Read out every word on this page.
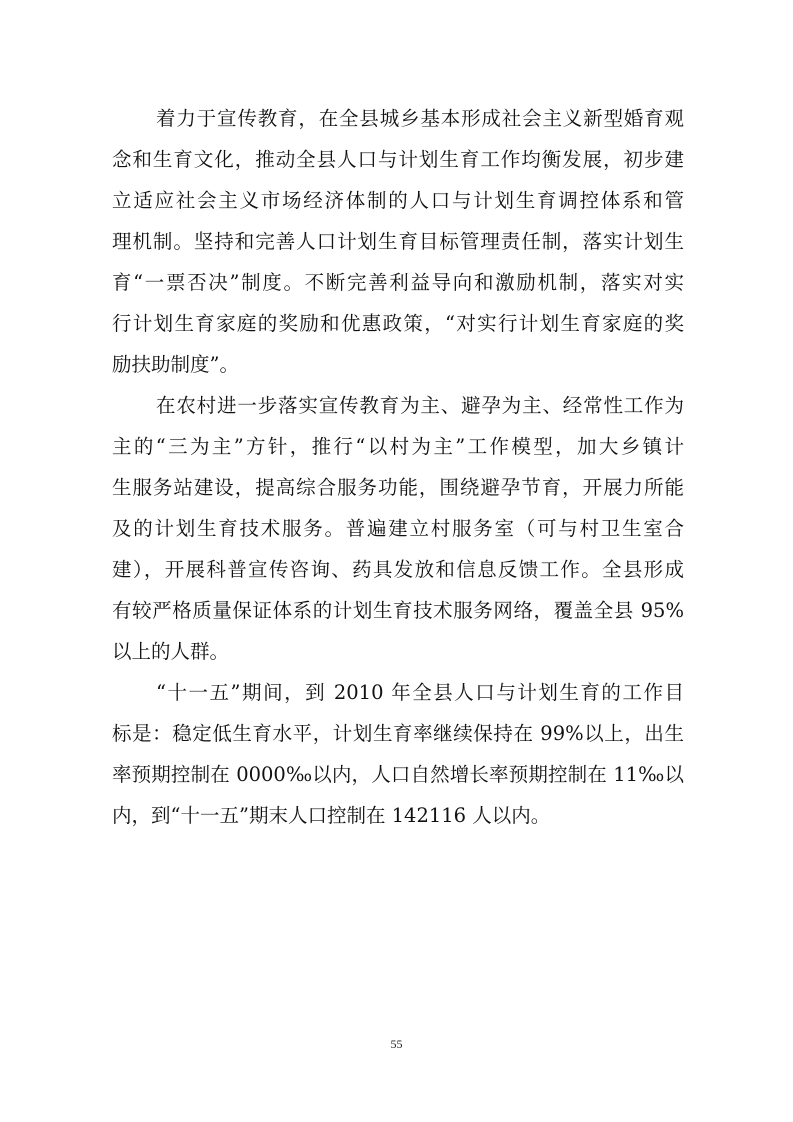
着力于宣传教育，在全县城乡基本形成社会主义新型婚育观
念和生育文化，推动全县人口与计划生育工作均衡发展，初步建
立适应社会主义市场经济体制的人口与计划生育调控体系和管
理机制。坚持和完善人口计划生育目标管理责任制，落实计划生
育“一票否决”制度。不断完善利益导向和激励机制，落实对实
行计划生育家庭的奖励和优惠政策，“对实行计划生育家庭的奖
励扶助制度”。
在农村进一步落实宣传教育为主、避孕为主、经常性工作为
主的“三为主”方针，推行“以村为主”工作模型，加大乡镇计
生服务站建设，提高综合服务功能，围绕避孕节育，开展力所能
及的计划生育技术服务。普遍建立村服务室（可与村卫生室合
建），开展科普宣传咨询、药具发放和信息反馈工作。全县形成
有较严格质量保证体系的计划生育技术服务网络，覆盖全县 95%
以上的人群。
“十一五”期间，到 2010 年全县人口与计划生育的工作目
标是：稳定低生育水平，计划生育率继续保持在 99%以上，出生
率预期控制在 0000‰以内，人口自然增长率预期控制在 11‰以
内，到“十一五”期末人口控制在 142116 人以内。
55
